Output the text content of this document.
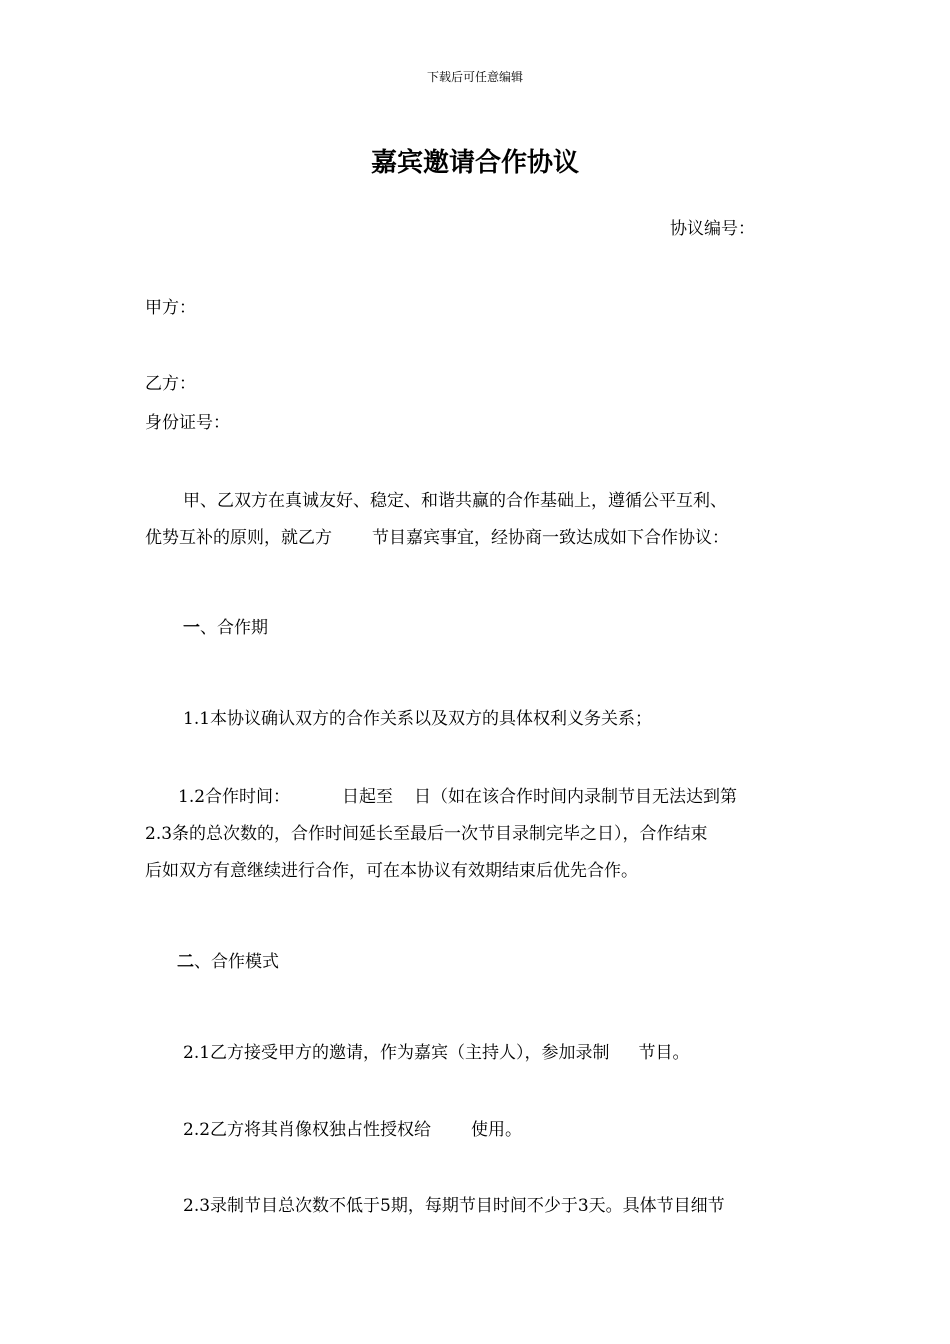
下载后可任意编辑
嘉宾邀请合作协议
协议编号：
甲方：
乙方：
身份证号：
甲、乙双方在真诚友好、稳定、和谐共赢的合作基础上，遵循公平互利、
优势互补的原则，就乙方 节目嘉宾事宜，经协商一致达成如下合作协议：
一、合作期
1.1本协议确认双方的合作关系以及双方的具体权利义务关系；
1.2合作时间：	日起至 日（如在该合作时间内录制节目无法达到第
2.3条的总次数的，合作时间延长至最后一次节目录制完毕之日），合作结束
后如双方有意继续进行合作，可在本协议有效期结束后优先合作。
二、合作模式
2.1乙方接受甲方的邀请，作为嘉宾（主持人），参加录制 节目。
2.2乙方将其肖像权独占性授权给 使用。
2.3录制节目总次数不低于5期，每期节目时间不少于3天。具体节目细节
